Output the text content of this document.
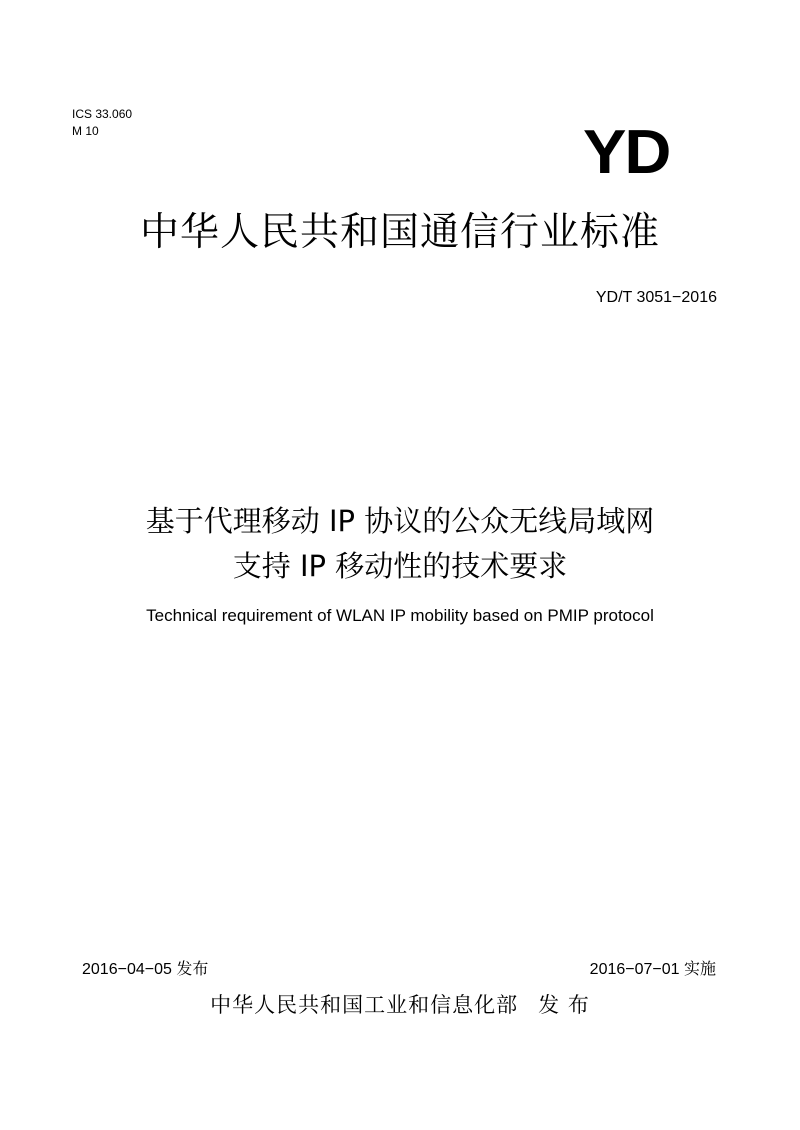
ICS 33.060
M 10	YD
中华人民共和国通信行业标准
YD/T 3051−2016
基于代理移动 IP 协议的公众无线局域网
支持 IP 移动性的技术要求
Technical requirement of WLAN IP mobility based on PMIP protocol
2016−04−05 发布	2016−07−01 实施
中华人民共和国工业和信息化部 发 布
